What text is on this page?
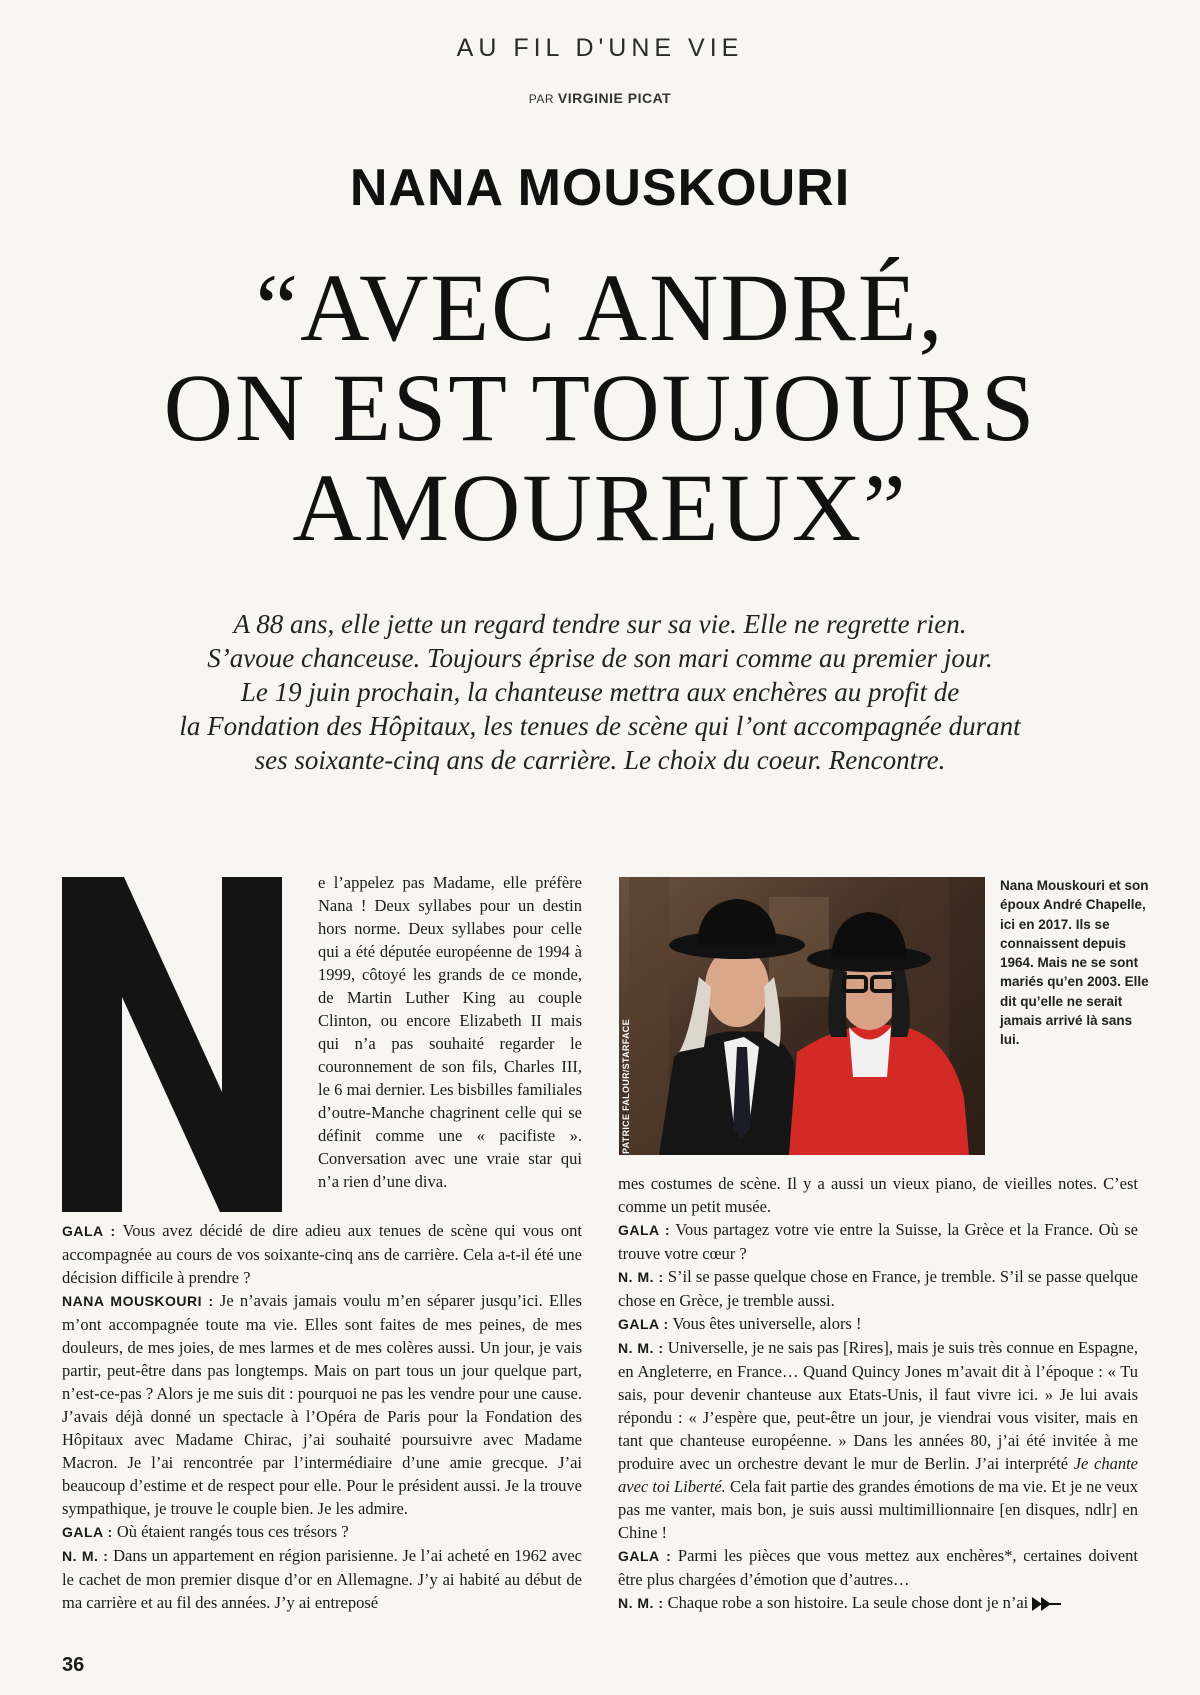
AU FIL D'UNE VIE
PAR VIRGINIE PICAT
NANA MOUSKOURI
“AVEC ANDRÉ,
ON EST TOUJOURS
AMOUREUX”
A 88 ans, elle jette un regard tendre sur sa vie. Elle ne regrette rien.
S’avoue chanceuse. Toujours éprise de son mari comme au premier jour.
Le 19 juin prochain, la chanteuse mettra aux enchères au profit de
la Fondation des Hôpitaux, les tenues de scène qui l’ont accompagnée durant
ses soixante-cinq ans de carrière. Le choix du coeur. Rencontre.
e l’appelez pas Madame, elle préfère Nana ! Deux syllabes pour un destin hors norme. Deux syllabes pour celle qui a été députée européenne de 1994 à 1999, côtoyé les grands de ce monde, de Martin Luther King au couple Clinton, ou encore Elizabeth II mais qui n’a pas souhaité regarder le couronnement de son fils, Charles III, le 6 mai dernier. Les bisbilles familiales d’outre-Manche chagrinent celle qui se définit comme une « pacifiste ». Conversation avec une vraie star qui n’a rien d’une diva.

GALA : Vous avez décidé de dire adieu aux tenues de scène qui vous ont accompagnée au cours de vos soixante-cinq ans de carrière. Cela a-t-il été une décision difficile à prendre ?

NANA MOUSKOURI : Je n’avais jamais voulu m’en séparer jusqu’ici. Elles m’ont accompagnée toute ma vie. Elles sont faites de mes peines, de mes douleurs, de mes joies, de mes larmes et de mes colères aussi. Un jour, je vais partir, peut-être dans pas longtemps. Mais on part tous un jour quelque part, n’est-ce-pas ? Alors je me suis dit : pourquoi ne pas les vendre pour une cause. J’avais déjà donné un spectacle à l’Opéra de Paris pour la Fondation des Hôpitaux avec Madame Chirac, j’ai souhaité poursuivre avec Madame Macron. Je l’ai rencontrée par l’intermédiaire d’une amie grecque. J’ai beaucoup d’estime et de respect pour elle. Pour le président aussi. Je la trouve sympathique, je trouve le couple bien. Je les admire.

GALA : Où étaient rangés tous ces trésors ?

N. M. : Dans un appartement en région parisienne. Je l’ai acheté en 1962 avec le cachet de mon premier disque d’or en Allemagne. J’y ai habité au début de ma carrière et au fil des années. J’y ai entreposé

Nana Mouskouri et son époux André Chapelle, ici en 2017. Ils se connaissent depuis 1964. Mais ne se sont mariés qu’en 2003. Elle dit qu’elle ne serait jamais arrivé là sans lui.

mes costumes de scène. Il y a aussi un vieux piano, de vieilles notes. C’est comme un petit musée.

GALA : Vous partagez votre vie entre la Suisse, la Grèce et la France. Où se trouve votre cœur ?

N. M. : S’il se passe quelque chose en France, je tremble. S’il se passe quelque chose en Grèce, je tremble aussi.

GALA : Vous êtes universelle, alors !

N. M. : Universelle, je ne sais pas [Rires], mais je suis très connue en Espagne, en Angleterre, en France… Quand Quincy Jones m’avait dit à l’époque : « Tu sais, pour devenir chanteuse aux Etats-Unis, il faut vivre ici. » Je lui avais répondu : « J’espère que, peut-être un jour, je viendrai vous visiter, mais en tant que chanteuse européenne. » Dans les années 80, j’ai été invitée à me produire avec un orchestre devant le mur de Berlin. J’ai interprété Je chante avec toi Liberté. Cela fait partie des grandes émotions de ma vie. Et je ne veux pas me vanter, mais bon, je suis aussi multimillionnaire [en disques, ndlr] en Chine !

GALA : Parmi les pièces que vous mettez aux enchères*, certaines doivent être plus chargées d’émotion que d’autres…

N. M. : Chaque robe a son histoire. La seule chose dont je n’ai

36
